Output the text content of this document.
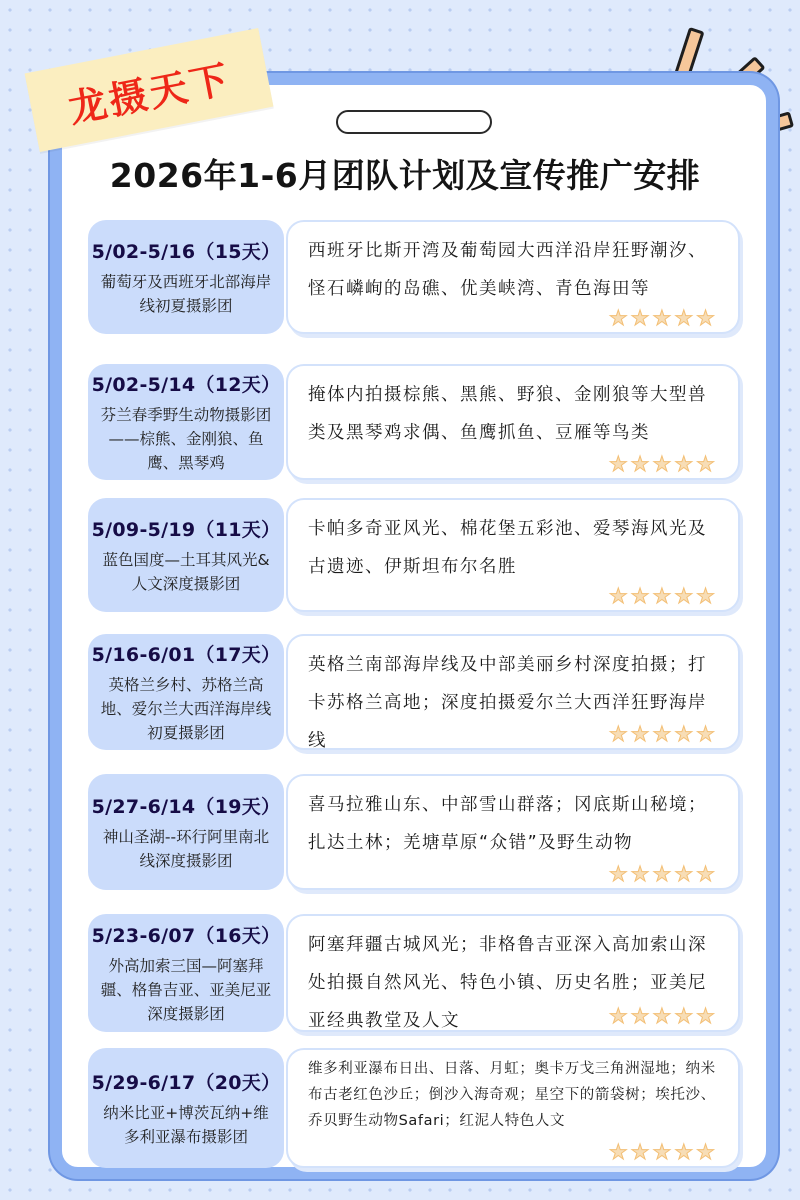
龙摄天下
2026年1-6月团队计划及宣传推广安排
5/02-5/16（15天）
葡萄牙及西班牙北部海岸线初夏摄影团
西班牙比斯开湾及葡萄园大西洋沿岸狂野潮汐、怪石嶙峋的岛礁、优美峡湾、青色海田等
★★★★★
5/02-5/14（12天）
芬兰春季野生动物摄影团——棕熊、金刚狼、鱼鹰、黑琴鸡
掩体内拍摄棕熊、黑熊、野狼、金刚狼等大型兽类及黑琴鸡求偶、鱼鹰抓鱼、豆雁等鸟类
★★★★★
5/09-5/19（11天）
蓝色国度—土耳其风光&人文深度摄影团
卡帕多奇亚风光、棉花堡五彩池、爱琴海风光及古遗迹、伊斯坦布尔名胜
★★★★★
5/16-6/01（17天）
英格兰乡村、苏格兰高地、爱尔兰大西洋海岸线初夏摄影团
英格兰南部海岸线及中部美丽乡村深度拍摄；打卡苏格兰高地；深度拍摄爱尔兰大西洋狂野海岸线	★★★★★
5/27-6/14（19天）
神山圣湖--环行阿里南北线深度摄影团
喜马拉雅山东、中部雪山群落；冈底斯山秘境；扎达土林；羌塘草原“众错”及野生动物
★★★★★
5/23-6/07（16天）
外高加索三国—阿塞拜疆、格鲁吉亚、亚美尼亚深度摄影团
阿塞拜疆古城风光；非格鲁吉亚深入高加索山深处拍摄自然风光、特色小镇、历史名胜；亚美尼亚经典教堂及人文	★★★★★
5/29-6/17（20天）
纳米比亚+博茨瓦纳+维多利亚瀑布摄影团
维多利亚瀑布日出、日落、月虹；奥卡万戈三角洲湿地；纳米布古老红色沙丘；倒沙入海奇观；星空下的箭袋树；埃托沙、乔贝野生动物Safari；红泥人特色人文
★★★★★
